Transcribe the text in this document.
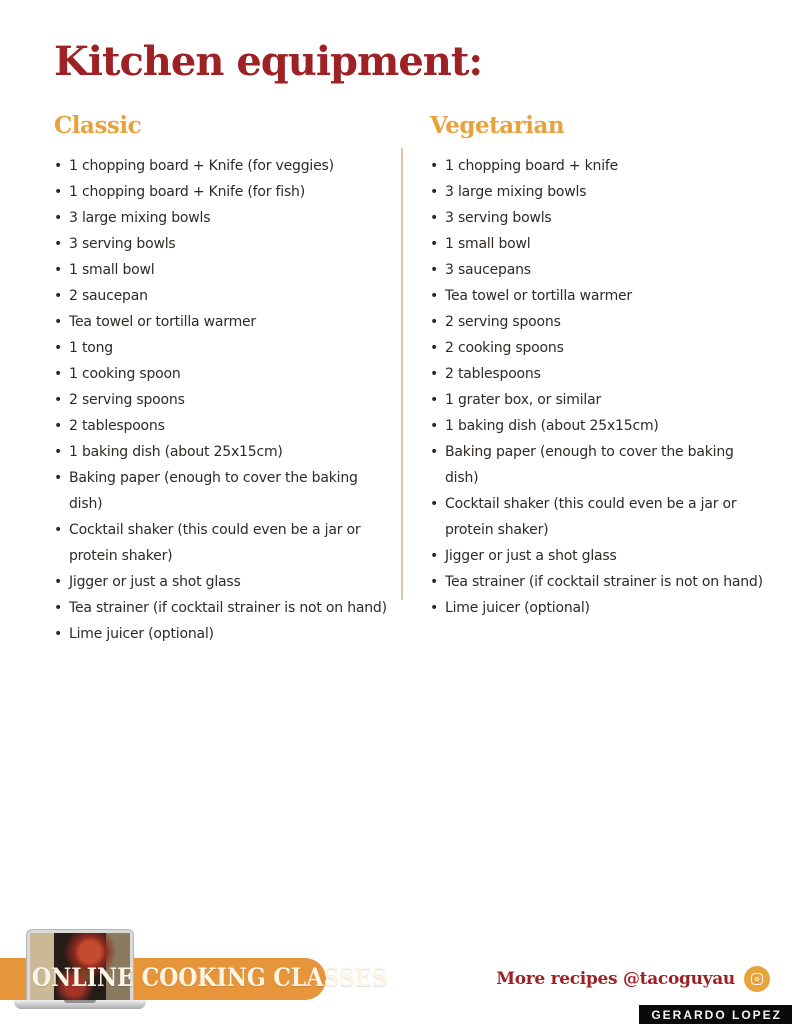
Kitchen equipment:
Classic
• 1 chopping board + Knife (for veggies)
• 1 chopping board + Knife (for fish)
• 3 large mixing bowls
• 3 serving bowls
• 1 small bowl
• 2 saucepan
• Tea towel or tortilla warmer
• 1 tong
• 1 cooking spoon
• 2 serving spoons
• 2 tablespoons
• 1 baking dish (about 25x15cm)
• Baking paper (enough to cover the baking dish)
• Cocktail shaker (this could even be a jar or protein shaker)
• Jigger or just a shot glass
• Tea strainer (if cocktail strainer is not on hand)
• Lime juicer (optional)
Vegetarian
• 1 chopping board + knife
• 3 large mixing bowls
• 3 serving bowls
• 1 small bowl
• 3 saucepans
• Tea towel or tortilla warmer
• 2 serving spoons
• 2 cooking spoons
• 2 tablespoons
• 1 grater box, or similar
• 1 baking dish (about 25x15cm)
• Baking paper (enough to cover the baking dish)
• Cocktail shaker (this could even be a jar or protein shaker)
• Jigger or just a shot glass
• Tea strainer (if cocktail strainer is not on hand)
• Lime juicer (optional)
ONLINE COOKING CLASSES	More recipes @tacoguyau
GERARDO LOPEZ
